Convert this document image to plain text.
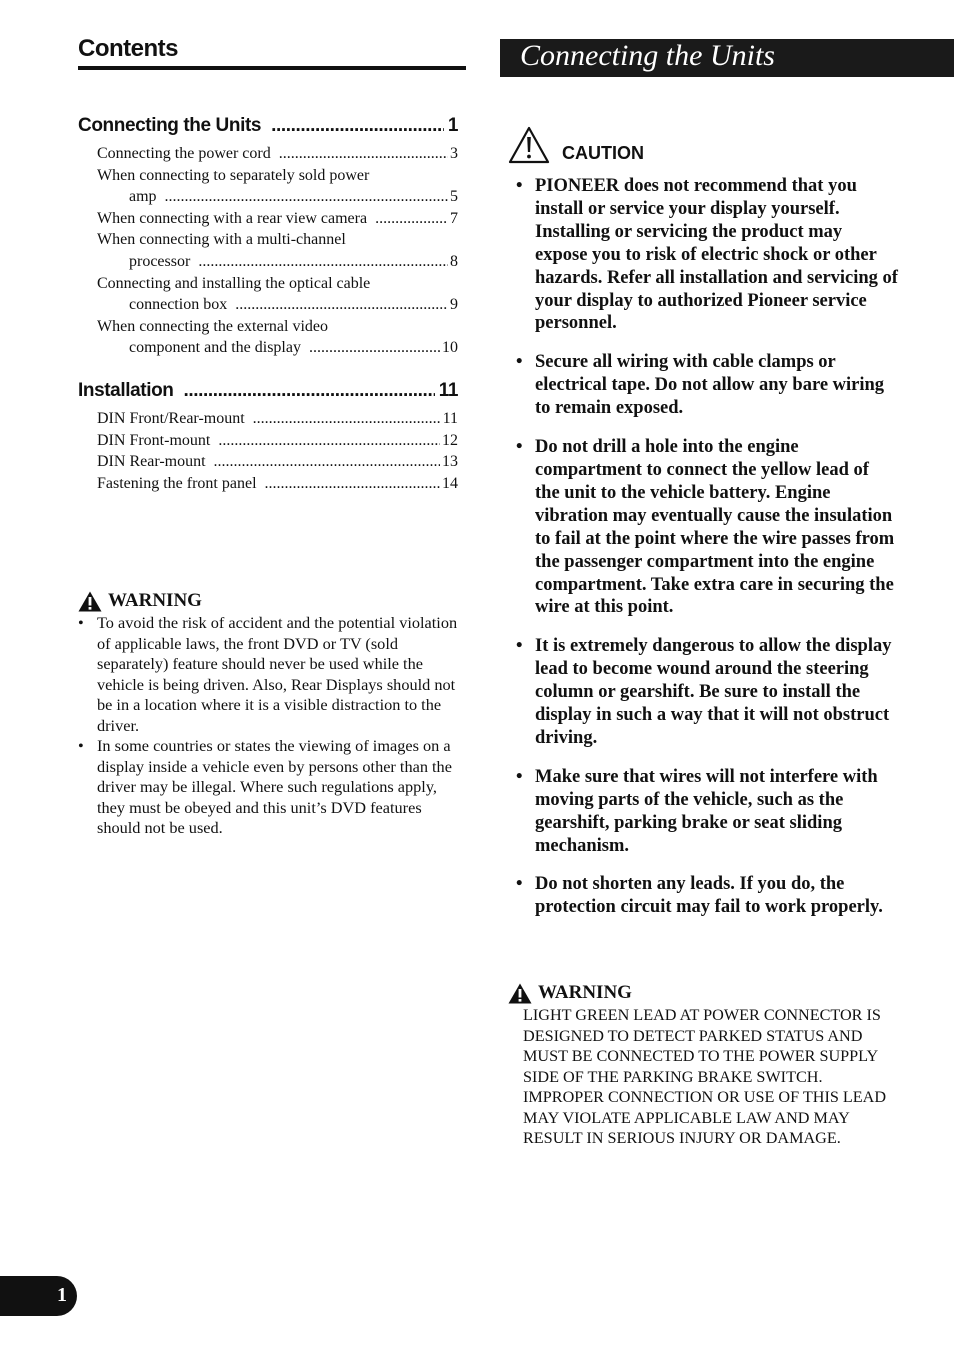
Contents
Connecting the Units .....	1
Connecting the power cord .....	3
When connecting to separately sold power
amp .....	5
When connecting with a rear view camera .....	7
When connecting with a multi-channel
processor .....	8
Connecting and installing the optical cable
connection box .....	9
When connecting the external video
component and the display .....	10
Installation .....	11
DIN Front/Rear-mount .....	11
DIN Front-mount .....	12
DIN Rear-mount .....	13
Fastening the front panel .....	14
WARNING
• To avoid the risk of accident and the potential violation of applicable laws, the front DVD or TV (sold separately) feature should never be used while the vehicle is being driven. Also, Rear Displays should not be in a location where it is a visible distraction to the driver.
• In some countries or states the viewing of images on a display inside a vehicle even by persons other than the driver may be illegal. Where such regulations apply, they must be obeyed and this unit’s DVD features should not be used.
Connecting the Units
CAUTION
• PIONEER does not recommend that you install or service your display yourself. Installing or servicing the product may expose you to risk of electric shock or other hazards. Refer all installation and servicing of your display to authorized Pioneer service personnel.
• Secure all wiring with cable clamps or electrical tape. Do not allow any bare wiring to remain exposed.
• Do not drill a hole into the engine compartment to connect the yellow lead of the unit to the vehicle battery. Engine vibration may eventually cause the insulation to fail at the point where the wire passes from the passenger compartment into the engine compartment. Take extra care in securing the wire at this point.
• It is extremely dangerous to allow the display lead to become wound around the steering column or gearshift. Be sure to install the display in such a way that it will not obstruct driving.
• Make sure that wires will not interfere with moving parts of the vehicle, such as the gearshift, parking brake or seat sliding mechanism.
• Do not shorten any leads. If you do, the protection circuit may fail to work properly.
WARNING
LIGHT GREEN LEAD AT POWER CONNECTOR IS DESIGNED TO DETECT PARKED STATUS AND MUST BE CONNECTED TO THE POWER SUPPLY SIDE OF THE PARKING BRAKE SWITCH. IMPROPER CONNECTION OR USE OF THIS LEAD MAY VIOLATE APPLICABLE LAW AND MAY RESULT IN SERIOUS INJURY OR DAMAGE.
1
